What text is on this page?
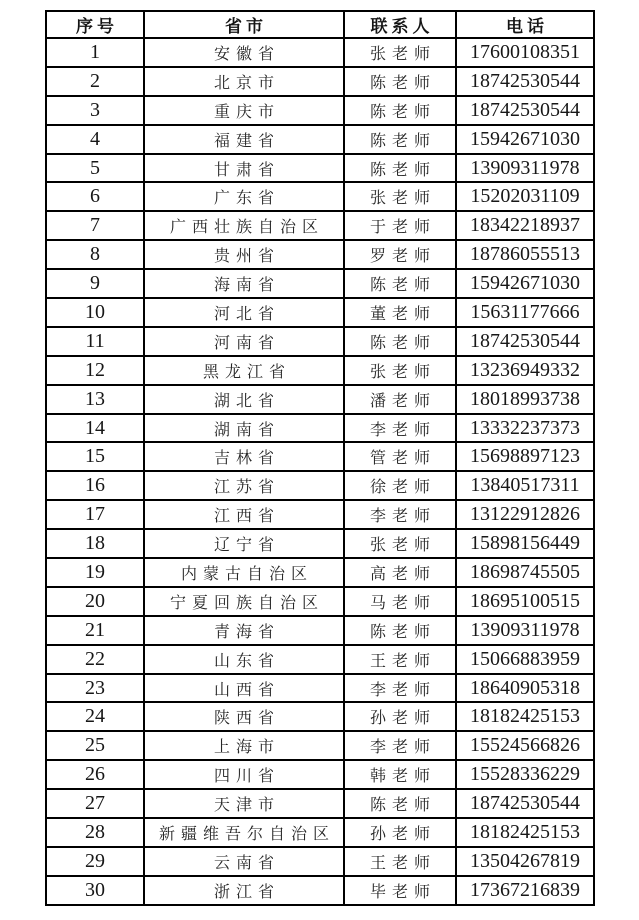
序号	省市	联系人	电话
1	安徽省	张老师	17600108351
2	北京市	陈老师	18742530544
3	重庆市	陈老师	18742530544
4	福建省	陈老师	15942671030
5	甘肃省	陈老师	13909311978
6	广东省	张老师	15202031109
7	广西壮族自治区	于老师	18342218937
8	贵州省	罗老师	18786055513
9	海南省	陈老师	15942671030
10	河北省	董老师	15631177666
11	河南省	陈老师	18742530544
12	黑龙江省	张老师	13236949332
13	湖北省	潘老师	18018993738
14	湖南省	李老师	13332237373
15	吉林省	管老师	15698897123
16	江苏省	徐老师	13840517311
17	江西省	李老师	13122912826
18	辽宁省	张老师	15898156449
19	内蒙古自治区	高老师	18698745505
20	宁夏回族自治区	马老师	18695100515
21	青海省	陈老师	13909311978
22	山东省	王老师	15066883959
23	山西省	李老师	18640905318
24	陕西省	孙老师	18182425153
25	上海市	李老师	15524566826
26	四川省	韩老师	15528336229
27	天津市	陈老师	18742530544
28	新疆维吾尔自治区	孙老师	18182425153
29	云南省	王老师	13504267819
30	浙江省	毕老师	17367216839
